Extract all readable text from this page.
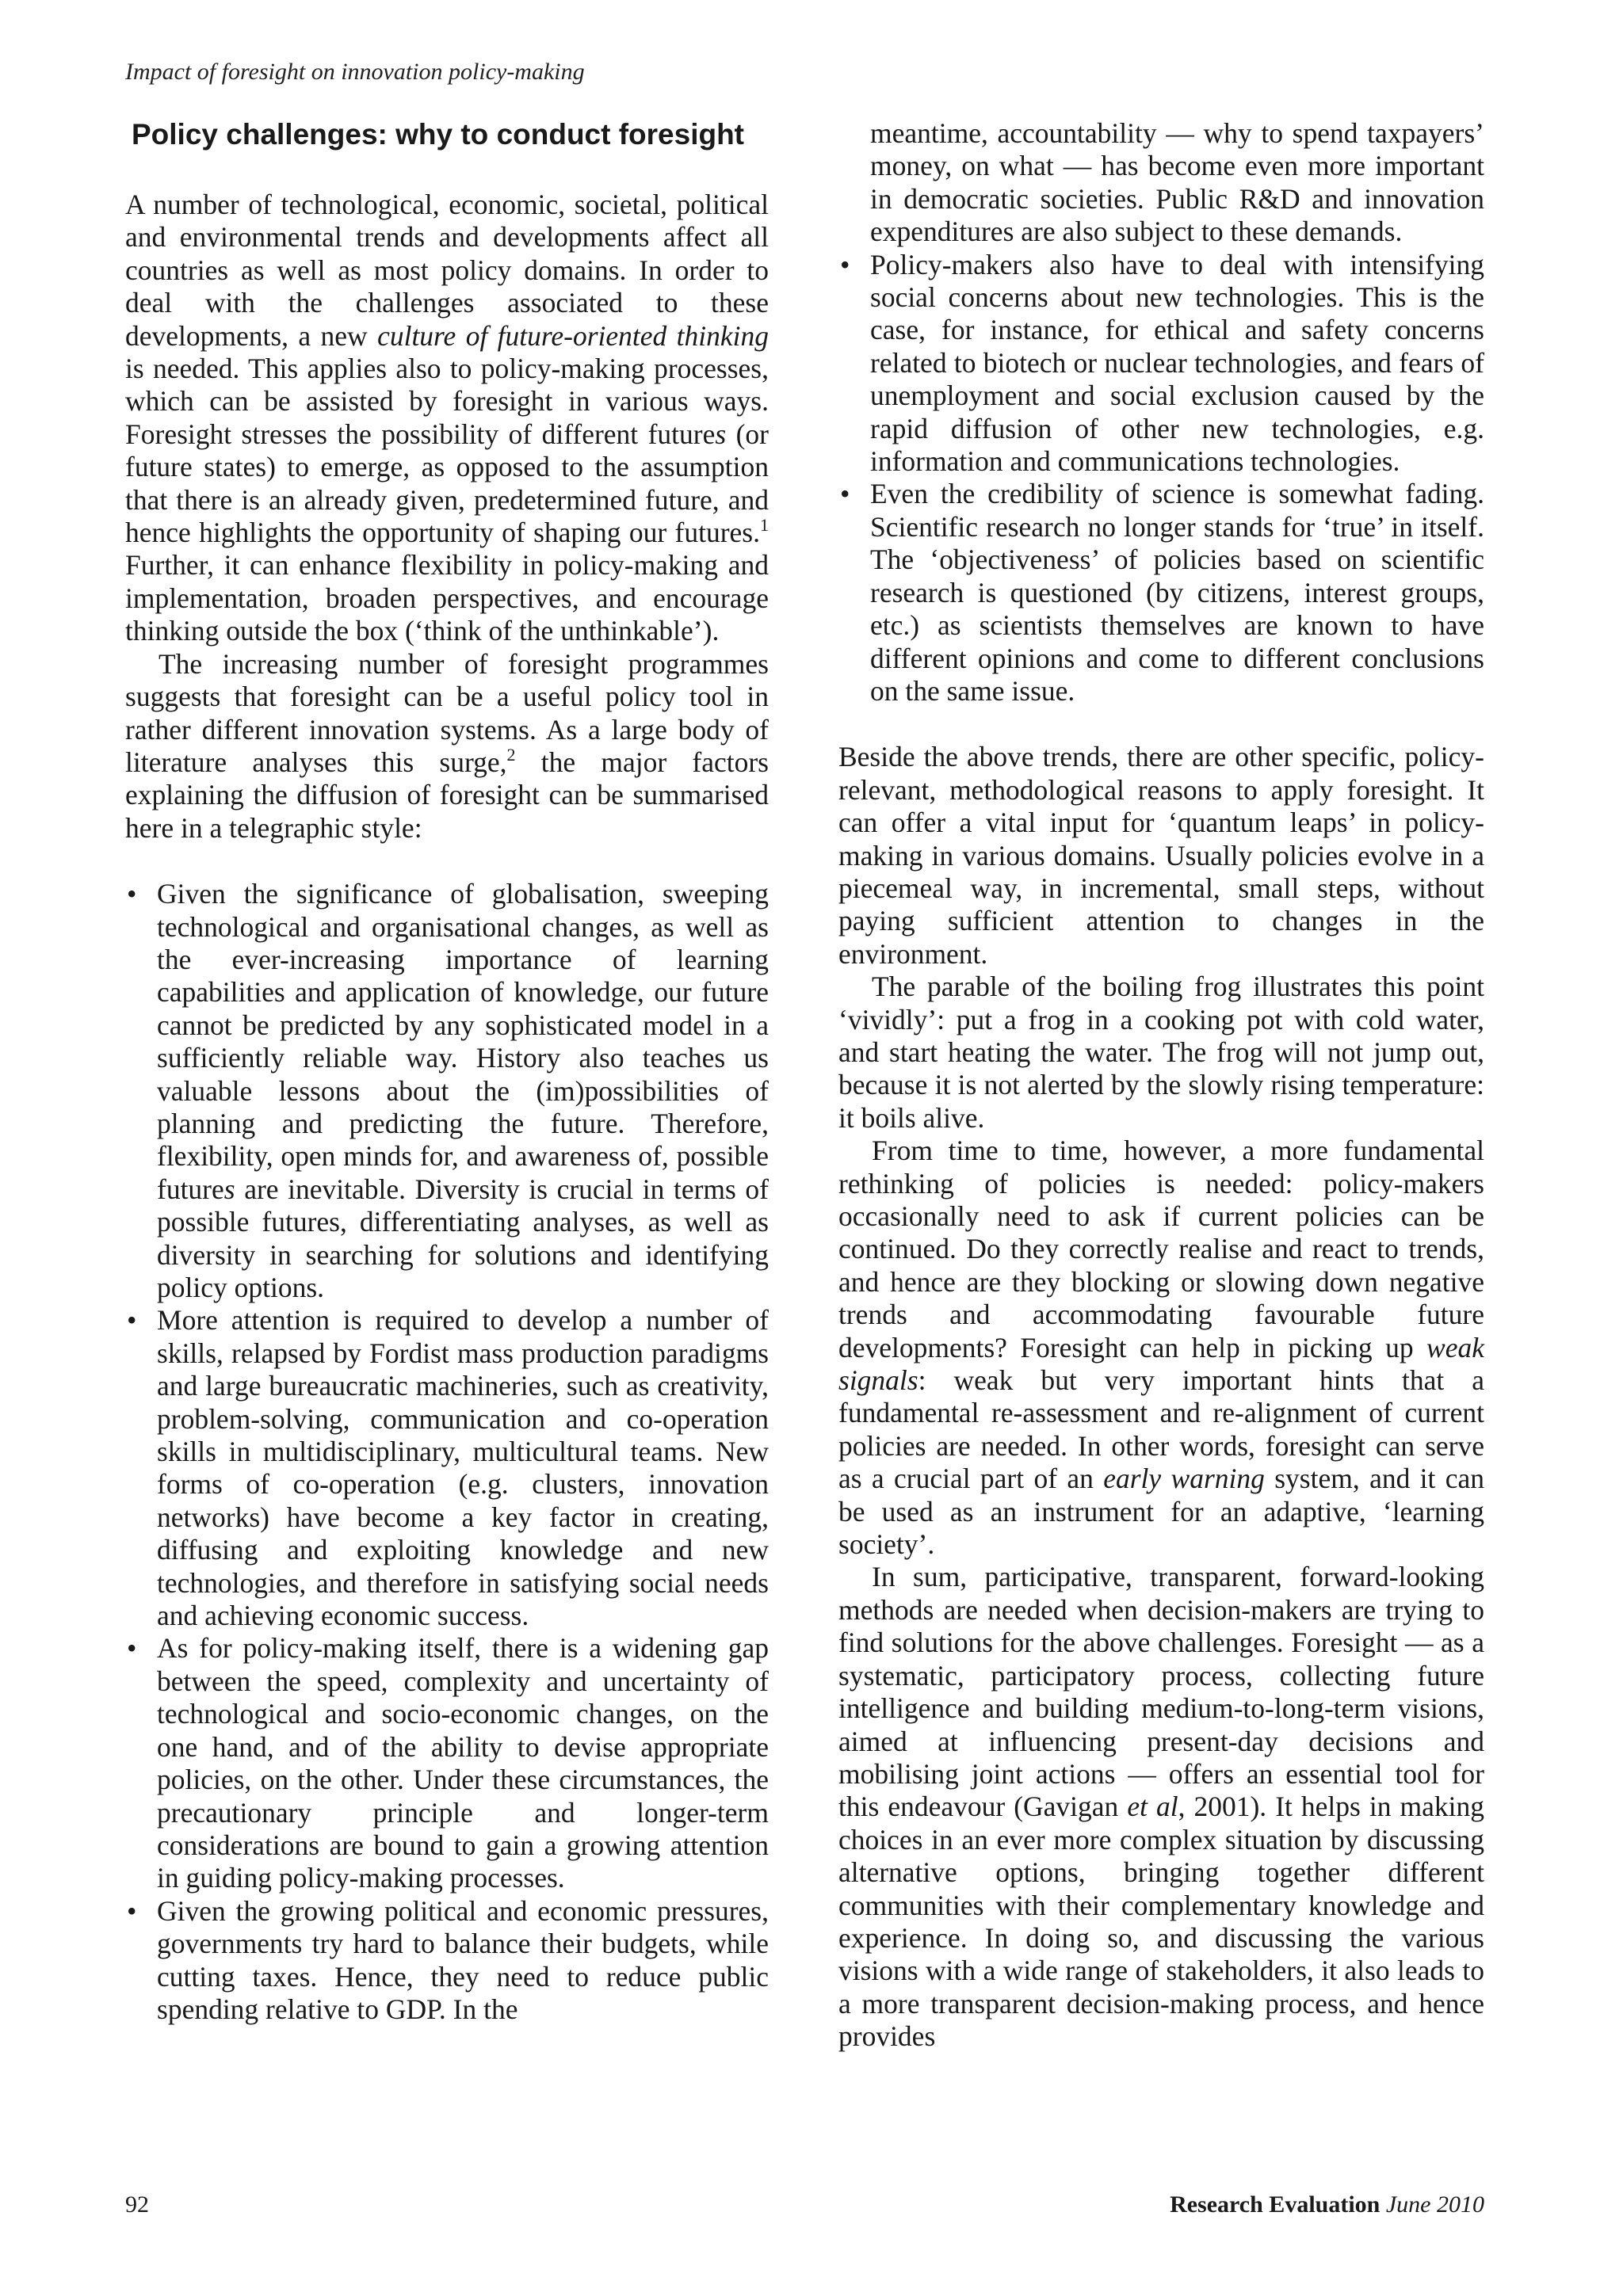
Impact of foresight on innovation policy-making
Policy challenges: why to conduct foresight

A number of technological, economic, societal, political and environmental trends and developments affect all countries as well as most policy domains. In order to deal with the challenges associated to these developments, a new culture of future-oriented thinking is needed. This applies also to policy-making processes, which can be assisted by foresight in various ways. Foresight stresses the possibility of different futures (or future states) to emerge, as opposed to the assumption that there is an already given, predetermined future, and hence highlights the opportunity of shaping our futures.$^1$ Further, it can enhance flexibility in policy-making and implementation, broaden perspectives, and encourage thinking outside the box (‘think of the unthinkable’).

The increasing number of foresight programmes suggests that foresight can be a useful policy tool in rather different innovation systems. As a large body of literature analyses this surge,$^2$ the major factors explaining the diffusion of foresight can be summarised here in a telegraphic style:

• Given the significance of globalisation, sweeping technological and organisational changes, as well as the ever-increasing importance of learning capabilities and application of knowledge, our future cannot be predicted by any sophisticated model in a sufficiently reliable way. History also teaches us valuable lessons about the (im)possibilities of planning and predicting the future. Therefore, flexibility, open minds for, and awareness of, possible futures are inevitable. Diversity is crucial in terms of possible futures, differentiating analyses, as well as diversity in searching for solutions and identifying policy options.
• More attention is required to develop a number of skills, relapsed by Fordist mass production paradigms and large bureaucratic machineries, such as creativity, problem-solving, communication and co-operation skills in multidisciplinary, multicultural teams. New forms of co-operation (e.g. clusters, innovation networks) have become a key factor in creating, diffusing and exploiting knowledge and new technologies, and therefore in satisfying social needs and achieving economic success.
• As for policy-making itself, there is a widening gap between the speed, complexity and uncertainty of technological and socio-economic changes, on the one hand, and of the ability to devise appropriate policies, on the other. Under these circumstances, the precautionary principle and longer-term considerations are bound to gain a growing attention in guiding policy-making processes.
• Given the growing political and economic pressures, governments try hard to balance their budgets, while cutting taxes. Hence, they need to reduce public spending relative to GDP. In the
meantime, accountability — why to spend taxpayers’ money, on what — has become even more important in democratic societies. Public R&D and innovation expenditures are also subject to these demands.
• Policy-makers also have to deal with intensifying social concerns about new technologies. This is the case, for instance, for ethical and safety concerns related to biotech or nuclear technologies, and fears of unemployment and social exclusion caused by the rapid diffusion of other new technologies, e.g. information and communications technologies.
• Even the credibility of science is somewhat fading. Scientific research no longer stands for ‘true’ in itself. The ‘objectiveness’ of policies based on scientific research is questioned (by citizens, interest groups, etc.) as scientists themselves are known to have different opinions and come to different conclusions on the same issue.

Beside the above trends, there are other specific, policy-relevant, methodological reasons to apply foresight. It can offer a vital input for ‘quantum leaps’ in policy-making in various domains. Usually policies evolve in a piecemeal way, in incremental, small steps, without paying sufficient attention to changes in the environment.

The parable of the boiling frog illustrates this point ‘vividly’: put a frog in a cooking pot with cold water, and start heating the water. The frog will not jump out, because it is not alerted by the slowly rising temperature: it boils alive.

From time to time, however, a more fundamental rethinking of policies is needed: policy-makers occasionally need to ask if current policies can be continued. Do they correctly realise and react to trends, and hence are they blocking or slowing down negative trends and accommodating favourable future developments? Foresight can help in picking up weak signals: weak but very important hints that a fundamental re-assessment and re-alignment of current policies are needed. In other words, foresight can serve as a crucial part of an early warning system, and it can be used as an instrument for an adaptive, ‘learning society’.

In sum, participative, transparent, forward-looking methods are needed when decision-makers are trying to find solutions for the above challenges. Foresight — as a systematic, participatory process, collecting future intelligence and building medium-to-long-term visions, aimed at influencing present-day decisions and mobilising joint actions — offers an essential tool for this endeavour (Gavigan et al, 2001). It helps in making choices in an ever more complex situation by discussing alternative options, bringing together different communities with their complementary knowledge and experience. In doing so, and discussing the various visions with a wide range of stakeholders, it also leads to a more transparent decision-making process, and hence provides

92	Research Evaluation June 2010
